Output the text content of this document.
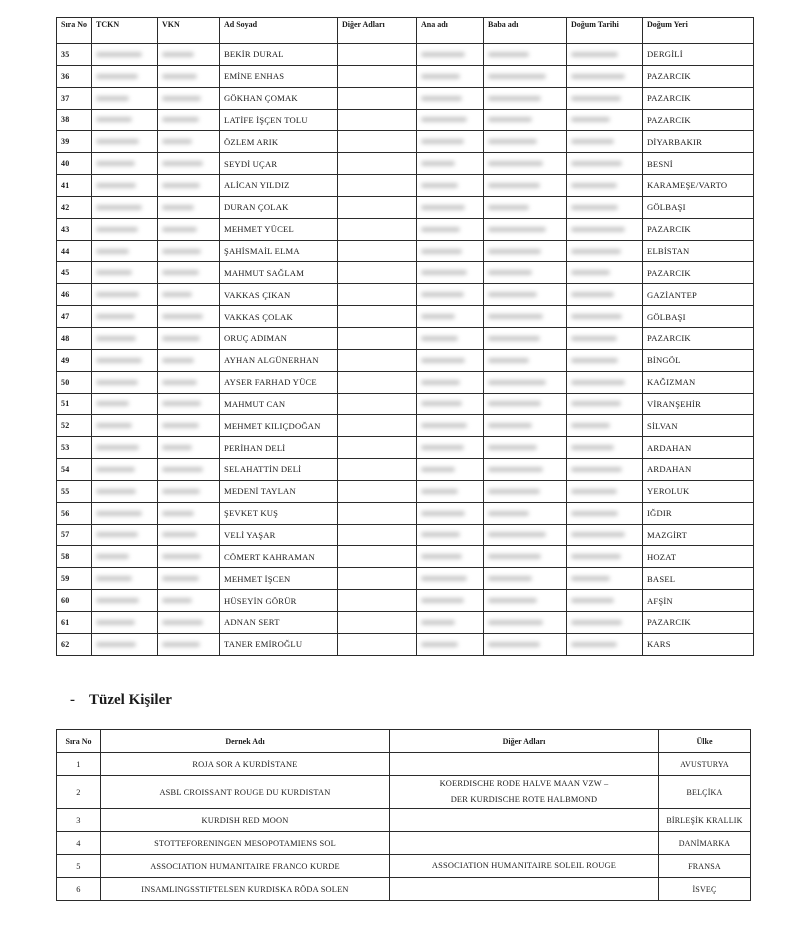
Sıra No	TCKN	VKN	Ad Soyad	Diğer Adları	Ana adı	Baba adı	Doğum Tarihi	Doğum Yeri
35			BEKİR DURAL					DERGİLİ
36			EMİNE ENHAS					PAZARCIK
37			GÖKHAN ÇOMAK					PAZARCIK
38			LATİFE İŞÇEN TOLU					PAZARCIK
39			ÖZLEM ARIK					DİYARBAKIR
40			SEYDİ UÇAR					BESNİ
41			ALİCAN YILDIZ					KARAMEŞE/VARTO
42			DURAN ÇOLAK					GÖLBAŞI
43			MEHMET YÜCEL					PAZARCIK
44			ŞAHİSMAİL ELMA					ELBİSTAN
45			MAHMUT SAĞLAM					PAZARCIK
46			VAKKAS ÇIKAN					GAZİANTEP
47			VAKKAS ÇOLAK					GÖLBAŞI
48			ORUÇ ADIMAN					PAZARCIK
49			AYHAN ALGÜNERHAN					BİNGÖL
50			AYSER FARHAD YÜCE					KAĞIZMAN
51			MAHMUT CAN					VİRANŞEHİR
52			MEHMET KILIÇDOĞAN					SİLVAN
53			PERİHAN DELİ					ARDAHAN
54			SELAHATTİN DELİ					ARDAHAN
55			MEDENİ TAYLAN					YEROLUK
56			ŞEVKET KUŞ					IĞDIR
57			VELİ YAŞAR					MAZGİRT
58			CÖMERT KAHRAMAN					HOZAT
59			MEHMET İŞCEN					BASEL
60			HÜSEYİN GÖRÜR					AFŞİN
61			ADNAN SERT					PAZARCIK
62			TANER EMİROĞLU					KARS
- Tüzel Kişiler
Sıra No	Dernek Adı	Diğer Adları	Ülke
1	ROJA SOR A KURDİSTANE		AVUSTURYA
2	ASBL CROISSANT ROUGE DU KURDISTAN	KOERDISCHE RODE HALVE MAAN VZW –
DER KURDISCHE ROTE HALBMOND	BELÇİKA
3	KURDISH RED MOON		BİRLEŞİK KRALLIK

4	STOTTEFORENINGEN MESOPOTAMIENS SOL		DANİMARKA
5	ASSOCIATION HUMANITAIRE FRANCO KURDE	ASSOCIATION HUMANITAIRE SOLEIL ROUGE	FRANSA
6	INSAMLINGSSTIFTELSEN KURDISKA RÖDA SOLEN		İSVEÇ
